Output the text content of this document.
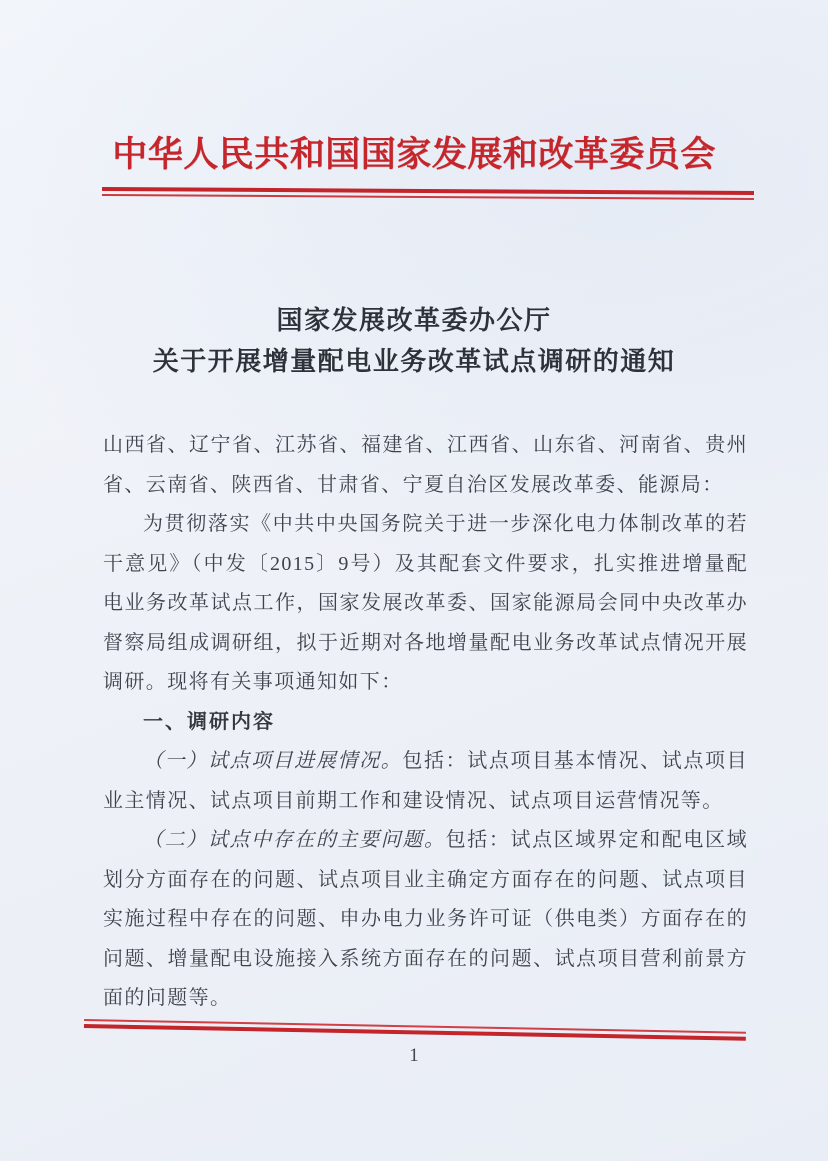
中华人民共和国国家发展和改革委员会
国家发展改革委办公厅
关于开展增量配电业务改革试点调研的通知

山西省、辽宁省、江苏省、福建省、江西省、山东省、河南省、贵州省、云南省、陕西省、甘肃省、宁夏自治区发展改革委、能源局：

为贯彻落实《中共中央国务院关于进一步深化电力体制改革的若干意见》（中发〔2015〕9号）及其配套文件要求，扎实推进增量配电业务改革试点工作，国家发展改革委、国家能源局会同中央改革办督察局组成调研组，拟于近期对各地增量配电业务改革试点情况开展调研。现将有关事项通知如下：

一、调研内容

（一）试点项目进展情况。包括：试点项目基本情况、试点项目业主情况、试点项目前期工作和建设情况、试点项目运营情况等。

（二）试点中存在的主要问题。包括：试点区域界定和配电区域划分方面存在的问题、试点项目业主确定方面存在的问题、试点项目实施过程中存在的问题、申办电力业务许可证（供电类）方面存在的问题、增量配电设施接入系统方面存在的问题、试点项目营利前景方面的问题等。

1
